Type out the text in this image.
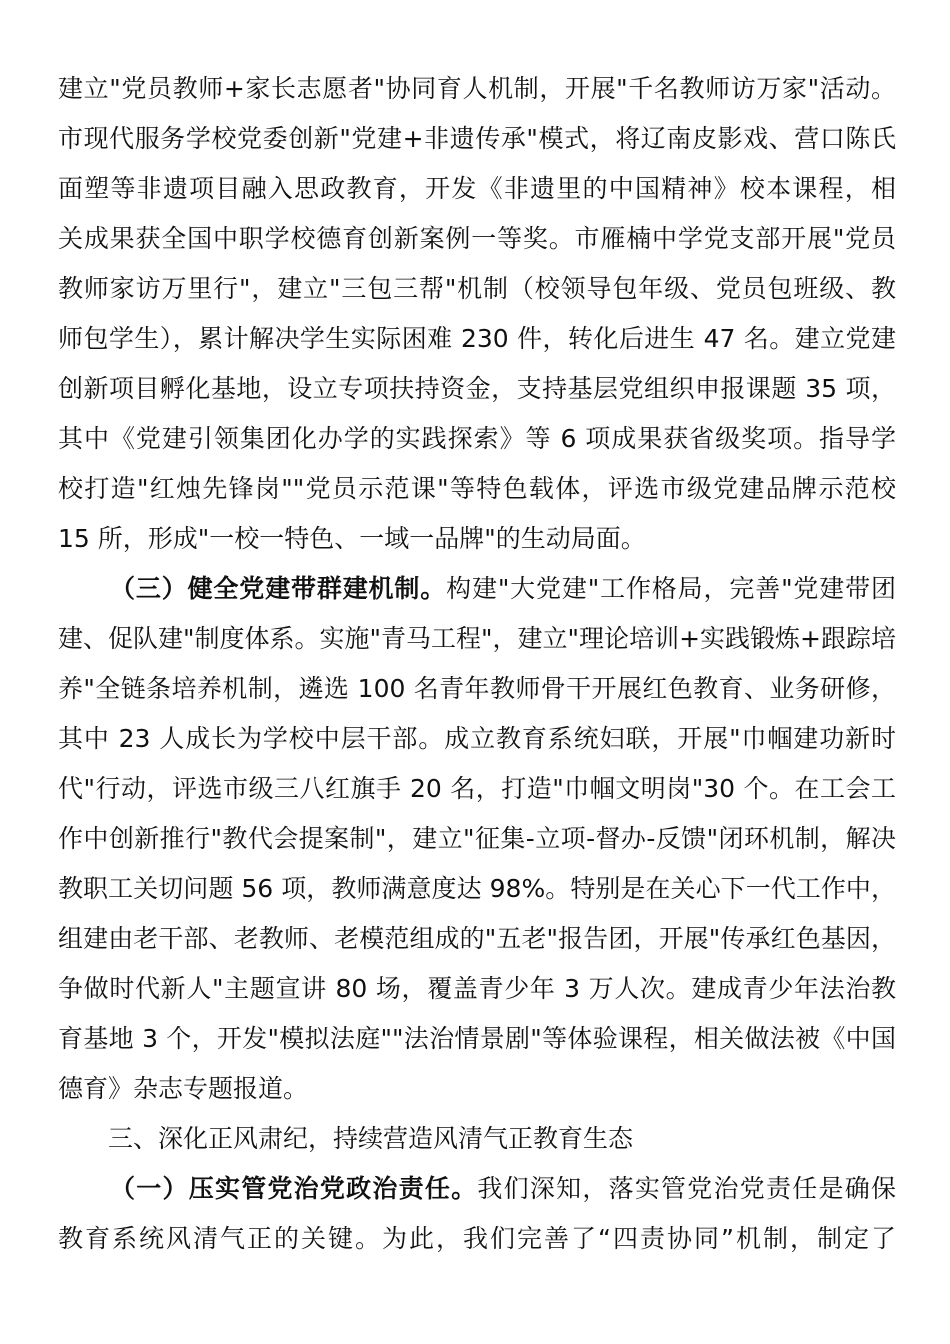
建立"党员教师+家长志愿者"协同育人机制，开展"千名教师访万家"活动。
市现代服务学校党委创新"党建+非遗传承"模式，将辽南皮影戏、营口陈氏
面塑等非遗项目融入思政教育，开发《非遗里的中国精神》校本课程，相
关成果获全国中职学校德育创新案例一等奖。市雁楠中学党支部开展"党员
教师家访万里行"，建立"三包三帮"机制（校领导包年级、党员包班级、教
师包学生），累计解决学生实际困难 230 件，转化后进生 47 名。建立党建
创新项目孵化基地，设立专项扶持资金，支持基层党组织申报课题 35 项，
其中《党建引领集团化办学的实践探索》等 6 项成果获省级奖项。指导学
校打造"红烛先锋岗""党员示范课"等特色载体，评选市级党建品牌示范校
15 所，形成"一校一特色、一域一品牌"的生动局面。
（三）健全党建带群建机制。构建"大党建"工作格局，完善"党建带团
建、促队建"制度体系。实施"青马工程"，建立"理论培训+实践锻炼+跟踪培
养"全链条培养机制，遴选 100 名青年教师骨干开展红色教育、业务研修，
其中 23 人成长为学校中层干部。成立教育系统妇联，开展"巾帼建功新时
代"行动，评选市级三八红旗手 20 名，打造"巾帼文明岗"30 个。在工会工
作中创新推行"教代会提案制"，建立"征集-立项-督办-反馈"闭环机制，解决
教职工关切问题 56 项，教师满意度达 98%。特别是在关心下一代工作中，
组建由老干部、老教师、老模范组成的"五老"报告团，开展"传承红色基因，
争做时代新人"主题宣讲 80 场，覆盖青少年 3 万人次。建成青少年法治教
育基地 3 个，开发"模拟法庭""法治情景剧"等体验课程，相关做法被《中国
德育》杂志专题报道。
三、深化正风肃纪，持续营造风清气正教育生态
（一）压实管党治党政治责任。我们深知，落实管党治党责任是确保
教育系统风清气正的关键。为此，我们完善了“四责协同”机制，制定了
